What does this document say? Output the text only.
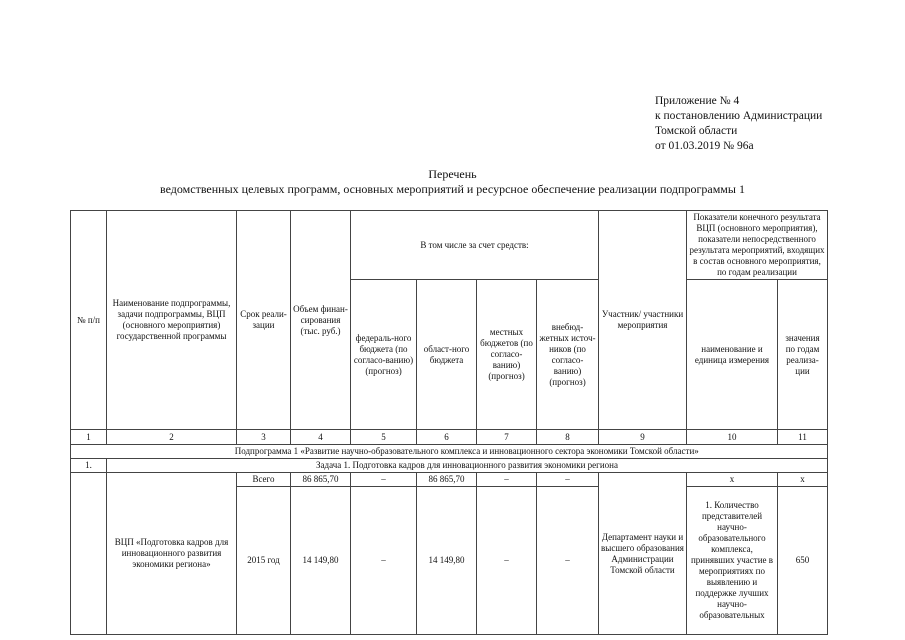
Приложение № 4
к постановлению Администрации
Томской области
от 01.03.2019 № 96а
Перечень
ведомственных целевых программ, основных мероприятий и ресурсное обеспечение реализации подпрограммы 1
№ п/п	Наименование подпрограммы, задачи подпрограммы, ВЦП (основного мероприятия) государственной программы	Срок реали-зации	Объем финан-сирования (тыс. руб.)	В том числе за счет средств:				Участник/ участники мероприятия	Показатели конечного результата ВЦП (основного мероприятия), показатели непосредственного результата мероприятий, входящих в состав основного мероприятия, по годам реализации	
				федераль-ного бюджета (по согласо-ванию) (прогноз)	област-ного бюджета	местных бюджетов (по согласо-ванию) (прогноз)	внебюд-жетных источ-ников (по согласо-ванию) (прогноз)		наименование и единица измерения	значения по годам реализа-ции
1	2	3	4	5	6	7	8	9	10	11
	Подпрограмма 1 «Развитие научно-образовательного комплекса и инновационного сектора экономики Томской области»									
1.	Задача 1. Подготовка кадров для инновационного развития экономики региона									
	ВЦП «Подготовка кадров для инновационного развития экономики региона»	Всего	86 865,70	–	86 865,70	–	–	Департамент науки и высшего образования Администрации Томской области	x	x
		2015 год	14 149,80	–	14 149,80	–	–		1. Количество представителей научно-образовательного комплекса, принявших участие в мероприятиях по выявлению и поддержке лучших научно-образовательных	650
